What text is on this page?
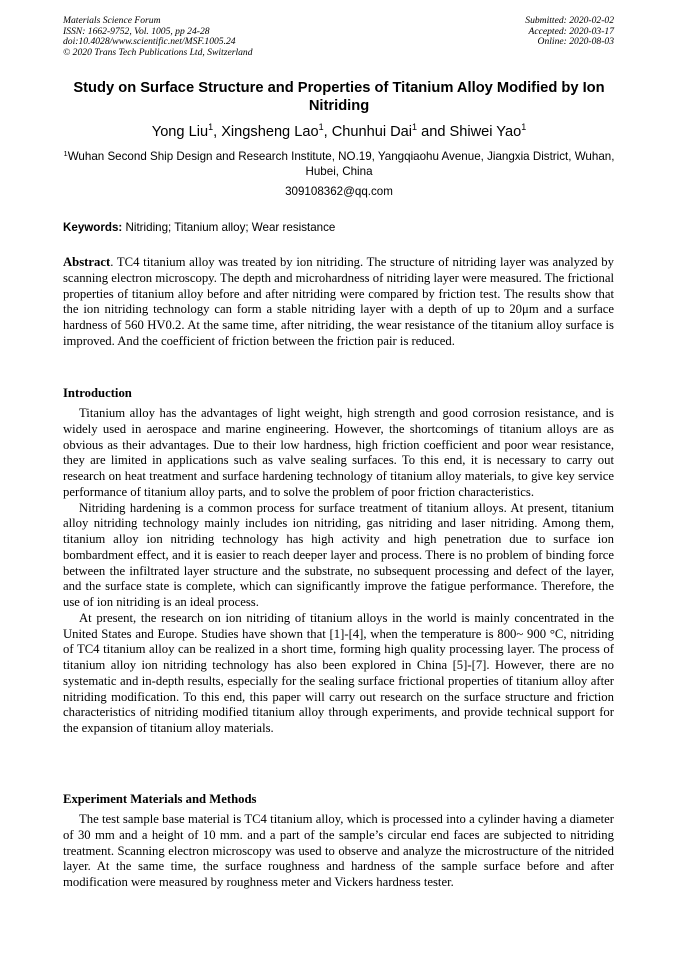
Materials Science Forum
ISSN: 1662-9752, Vol. 1005, pp 24-28
doi:10.4028/www.scientific.net/MSF.1005.24
© 2020 Trans Tech Publications Ltd, Switzerland
Submitted: 2020-02-02
Accepted: 2020-03-17
Online: 2020-08-03
Study on Surface Structure and Properties of Titanium Alloy Modified by Ion Nitriding
Yong Liu$^1$, Xingsheng Lao$^1$, Chunhui Dai$^1$ and Shiwei Yao$^1$
$^1$Wuhan Second Ship Design and Research Institute, NO.19, Yangqiaohu Avenue, Jiangxia District, Wuhan, Hubei, China
309108362@qq.com
Keywords: Nitriding; Titanium alloy; Wear resistance

Abstract. TC4 titanium alloy was treated by ion nitriding. The structure of nitriding layer was analyzed by scanning electron microscopy. The depth and microhardness of nitriding layer were measured. The frictional properties of titanium alloy before and after nitriding were compared by friction test. The results show that the ion nitriding technology can form a stable nitriding layer with a depth of up to 20μm and a surface hardness of 560 HV0.2. At the same time, after nitriding, the wear resistance of the titanium alloy surface is improved. And the coefficient of friction between the friction pair is reduced.

Introduction

Titanium alloy has the advantages of light weight, high strength and good corrosion resistance, and is widely used in aerospace and marine engineering. However, the shortcomings of titanium alloys are as obvious as their advantages. Due to their low hardness, high friction coefficient and poor wear resistance, they are limited in applications such as valve sealing surfaces. To this end, it is necessary to carry out research on heat treatment and surface hardening technology of titanium alloy materials, to give key service performance of titanium alloy parts, and to solve the problem of poor friction characteristics.

Nitriding hardening is a common process for surface treatment of titanium alloys. At present, titanium alloy nitriding technology mainly includes ion nitriding, gas nitriding and laser nitriding. Among them, titanium alloy ion nitriding technology has high activity and high penetration due to surface ion bombardment effect, and it is easier to reach deeper layer and process. There is no problem of binding force between the infiltrated layer structure and the substrate, no subsequent processing and defect of the layer, and the surface state is complete, which can significantly improve the fatigue performance. Therefore, the use of ion nitriding is an ideal process.

At present, the research on ion nitriding of titanium alloys in the world is mainly concentrated in the United States and Europe. Studies have shown that [1]-[4], when the temperature is 800~ 900 °C, nitriding of TC4 titanium alloy can be realized in a short time, forming high quality processing layer. The process of titanium alloy ion nitriding technology has also been explored in China [5]-[7]. However, there are no systematic and in-depth results, especially for the sealing surface frictional properties of titanium alloy after nitriding modification. To this end, this paper will carry out research on the surface structure and friction characteristics of nitriding modified titanium alloy through experiments, and provide technical support for the expansion of titanium alloy materials.

Experiment Materials and Methods

The test sample base material is TC4 titanium alloy, which is processed into a cylinder having a diameter of 30 mm and a height of 10 mm. and a part of the sample’s circular end faces are subjected to nitriding treatment. Scanning electron microscopy was used to observe and analyze the microstructure of the nitrided layer. At the same time, the surface roughness and hardness of the sample surface before and after modification were measured by roughness meter and Vickers hardness tester.
